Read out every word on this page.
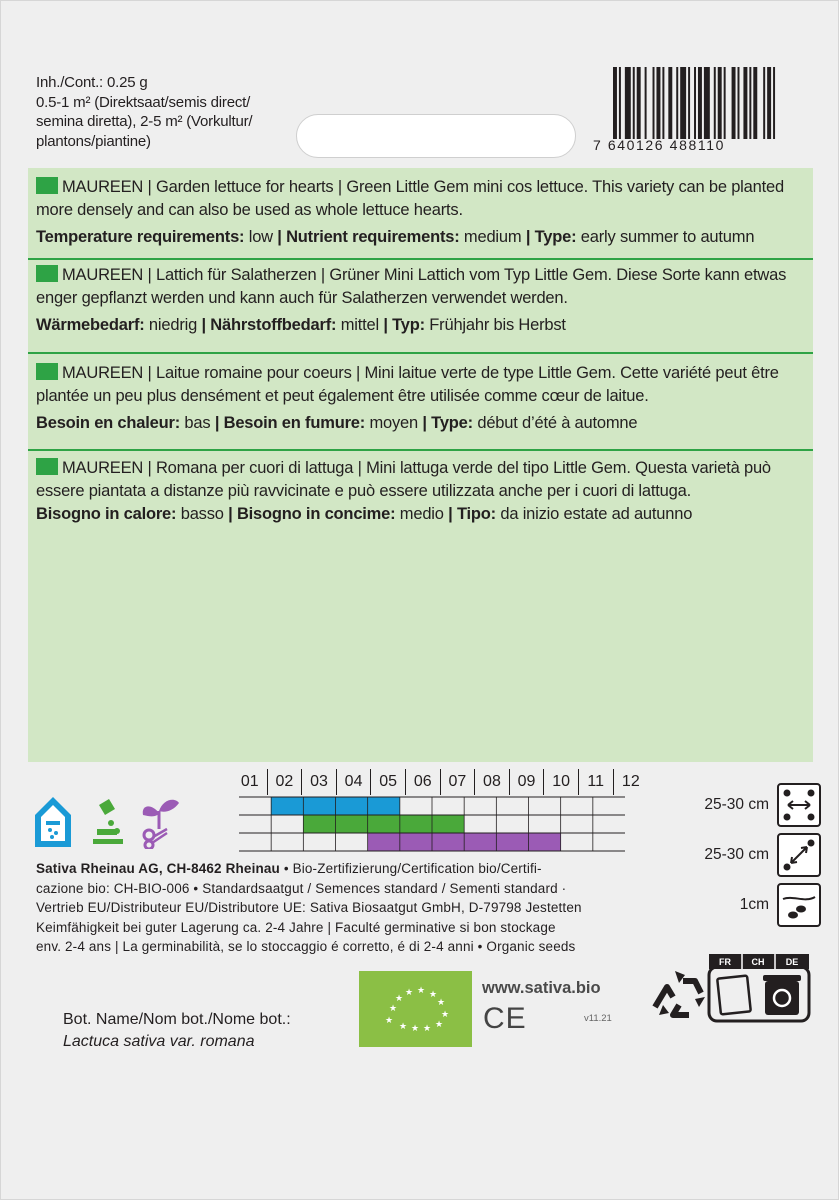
Inh./Cont.: 0.25 g
0.5-1 m² (Direktsaat/semis direct/
semina diretta), 2-5 m² (Vorkultur/
plantons/piantine)	7 640126 488110
MAUREEN | Garden lettuce for hearts | Green Little Gem mini cos lettuce. This variety can be planted
more densely and can also be used as whole lettuce hearts.
Temperature requirements: low | Nutrient requirements: medium | Type: early summer to autumn
MAUREEN | Lattich für Salatherzen | Grüner Mini Lattich vom Typ Little Gem. Diese Sorte kann etwas
enger gepflanzt werden und kann auch für Salatherzen verwendet werden.
Wärmebedarf: niedrig | Nährstoffbedarf: mittel | Typ: Frühjahr bis Herbst
MAUREEN | Laitue romaine pour coeurs | Mini laitue verte de type Little Gem. Cette variété peut être
plantée un peu plus densément et peut également être utilisée comme cœur de laitue.
Besoin en chaleur: bas | Besoin en fumure: moyen | Type: début d’été à automne
MAUREEN | Romana per cuori di lattuga | Mini lattuga verde del tipo Little Gem. Questa varietà può
essere piantata a distanze più ravvicinate e può essere utilizzata anche per i cuori di lattuga.
Bisogno in calore: basso | Bisogno in concime: medio | Tipo: da inizio estate ad autunno
01	02	03	04	05	06	07	08	09	10	11	12
Sativa Rheinau AG, CH-8462 Rheinau • Bio-Zertifizierung/Certification bio/Certifi-
cazione bio: CH-BIO-006 • Standardsaatgut / Semences standard / Sementi standard ·
Vertrieb EU/Distributeur EU/Distributore UE: Sativa Biosaatgut GmbH, D-79798 Jestetten
Keimfähigkeit bei guter Lagerung ca. 2-4 Jahre | Faculté germinative si bon stockage
env. 2-4 ans | La germinabilità, se lo stoccaggio é corretto, é di 2-4 anni • Organic seeds
25-30 cm
25-30 cm
1cm
★
★
★
★ ★ ★
★
★
★
★
★
★
www.sativa.bio
CE	v11.21
FR CH DE
Bot. Name/Nom bot./Nome bot.:
Lactuca sativa var. romana
